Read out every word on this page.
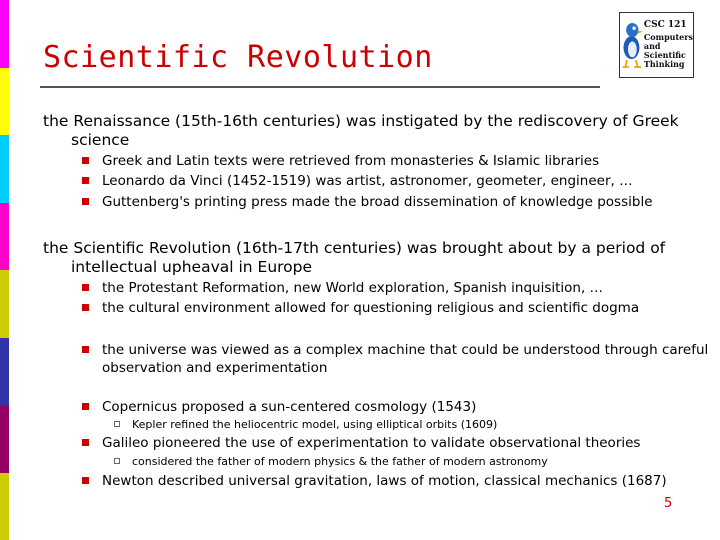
Scientific Revolution
CSC 121
Computers
and
Scientific
Thinking
the Renaissance (15th-16th centuries) was instigated by the rediscovery of Greek science
Greek and Latin texts were retrieved from monasteries & Islamic libraries
Leonardo da Vinci (1452-1519) was artist, astronomer, geometer, engineer, …
Guttenberg's printing press made the broad dissemination of knowledge possible
the Scientific Revolution (16th-17th centuries) was brought about by a period of intellectual upheaval in Europe
the Protestant Reformation, new World exploration, Spanish inquisition, …
the cultural environment allowed for questioning religious and scientific dogma
the universe was viewed as a complex machine that could be understood through careful observation and experimentation
Copernicus proposed a sun-centered cosmology (1543)
Kepler refined the heliocentric model, using elliptical orbits (1609)
Galileo pioneered the use of experimentation to validate observational theories
considered the father of modern physics & the father of modern astronomy
Newton described universal gravitation, laws of motion, classical mechanics (1687)
5
